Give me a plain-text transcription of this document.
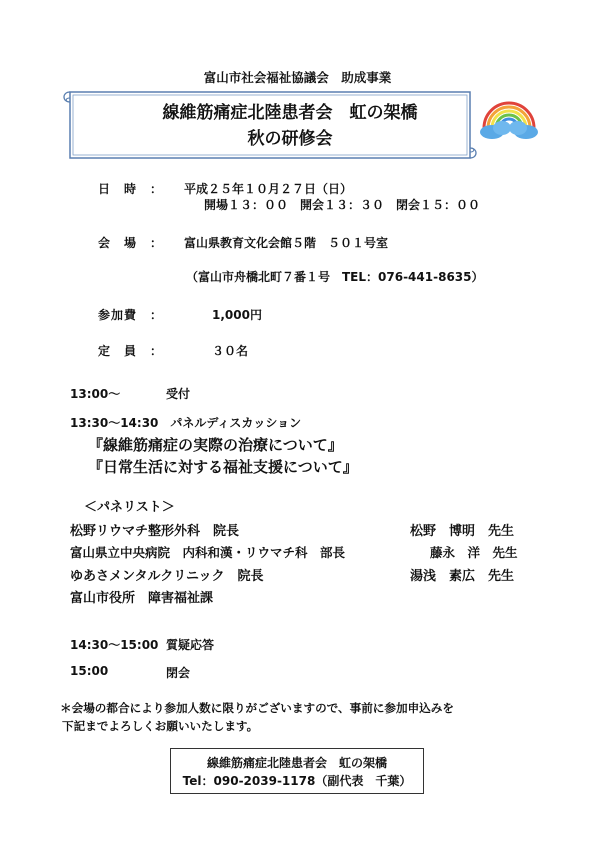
富山市社会福祉協議会　助成事業
線維筋痛症北陸患者会　虹の架橋
秋の研修会
日　時　： 平成２５年１０月２７日（日）
開場１３：００　開会１３：３０　閉会１５：００
会　場　： 富山県教育文化会館５階　５０１号室
（富山市舟橋北町７番１号　TEL：076-441-8635）
参加費　：	1,000円
定　員　：	３０名
13:00～	受付
13:30～14:30　パネルディスカッション
『線維筋痛症の実際の治療について』
『日常生活に対する福祉支援について』
＜パネリスト＞
松野リウマチ整形外科　院長	松野　博明　先生
富山県立中央病院　内科和漢・リウマチ科　部長	藤永　洋　先生
ゆあさメンタルクリニック　院長	湯浅　素広　先生
富山市役所　障害福祉課
14:30～15:00 質疑応答
15:00	閉会
＊会場の都合により参加人数に限りがございますので、事前に参加申込みを
下記までよろしくお願いいたします。
線維筋痛症北陸患者会　虹の架橋
Tel：090-2039-1178（副代表　千葉）
